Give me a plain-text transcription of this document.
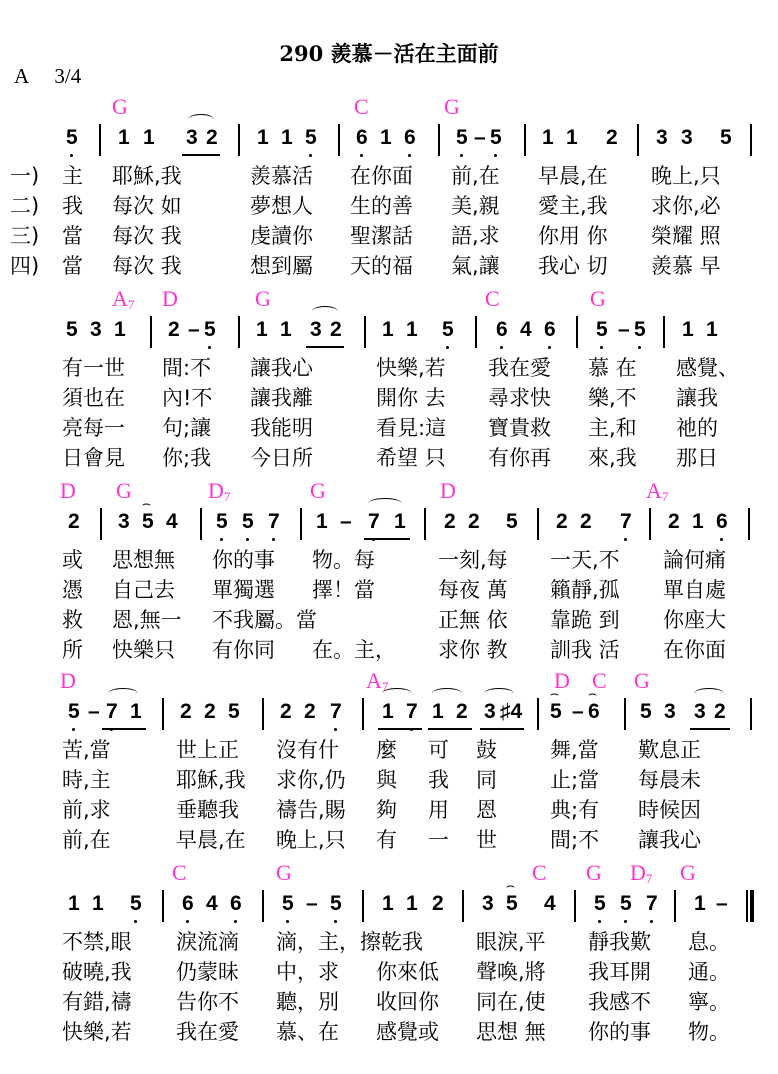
290 羨慕－活在主面前
A 3/4
G	C	G
5 1 1 3 2 1 1 5 6 1 6 5 – 5 1 1 2 3 3 5
一) 主 耶穌,我	羨慕活 在你面 前,在 早晨,在 晚上,只
二) 我 每次 如	夢想人 生的善 美,親 愛主,我 求你,必
三) 當 每次 我	虔讀你 聖潔話 語,求 你用 你 榮耀 照
四) 當 每次 我	想到屬 天的福 氣,讓 我心 切 羨慕 早
$A_7$ D	G	C	G
5 3 1 2 – 5 1 1 3 2 1 1 5 6 4 6 5 – 5 1 1
有一世 間:不 讓我心	快樂,若 我在愛 慕 在 感覺、
須也在 內!不 讓我離	開你 去 尋求快 樂,不 讓我
亮每一 句;讓 我能明	看見:這 寶貴救 主,和 祂的
日會見 你;我 今日所	希望 只 有你再 來,我 那日
D G	$D_7$	G	D	$A_7$
2 3 ⌢ 5 4 5 5 7 1 – 7 1 2 2 5 2 2 7 2 1 6
或 思想無 你的事 物。每	一刻,每 一天,不 論何痛
憑 自己去 單獨選 擇！當	每夜 萬 籟靜,孤 單自處
救 恩,無一 不我屬。當	正無 依 靠跪 到 你座大
所 快樂只 有你同 在。主， 求你 教 訓我 活 在你面
D	$A_7$	D C G
5 – 7 1 2 2 5 2 2 7 1 7 1 2 3 ♯4 ⌢ 5 – ⌢ 6 5 3 3 2
苦,當	世上正 沒有什 麼 可 鼓	舞,當 歎息正
時,主	耶穌,我 求你,仍 與 我 同	止;當 每晨未
前,求	垂聽我 禱告,賜 夠 用 恩	典;有 時候因
前,在	早晨,在 晚上,只 有 一 世	間;不 讓我心
C	G	C G $D_7$ G
1 1 5 6 4 6 5 – 5 1 1 2 3 ⌢ 5 4 5 5 7 1 –
不禁,眼 淚流滴 滴，主，擦乾我	眼淚,平 靜我歎 息。
破曉,我 仍蒙昧 中，求 你來低 聲喚,將 我耳開 通。
有錯,禱 告你不 聽，別 收回你 同在,使 我感不 寧。
快樂,若 我在愛 慕、在 感覺或 思想 無 你的事 物。
